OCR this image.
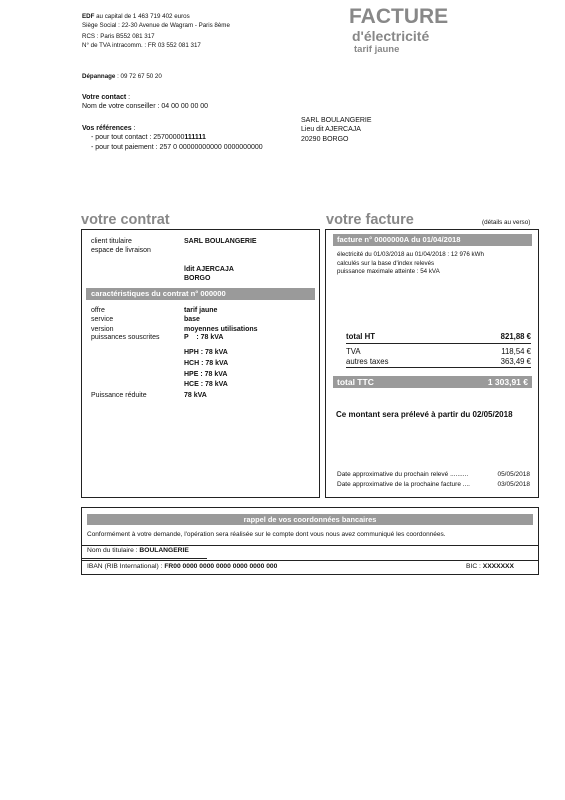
EDF au capital de 1 463 719 402 euros
Siège Social : 22-30 Avenue de Wagram - Paris 8ème
RCS : Paris B552 081 317
N° de TVA intracomm. : FR 03 552 081 317
FACTURE
d'électricité
tarif jaune
Dépannage : 09 72 67 50 20
Votre contact :
Nom de votre conseiller : 04 00 00 00 00
Vos références :
- pour tout contact : 25700000111111
- pour tout paiement : 257 0 00000000000 0000000000
SARL BOULANGERIE
Lieu dit AJERCAJA
20290 BORGO
votre contrat	votre facture	(détails au verso)
client titulaire	SARL BOULANGERIE
espace de livraison
ldit AJERCAJA
BORGO
caractéristiques du contrat n° 000000
offre	tarif jaune
service	base
version	moyennes utilisations
puissances souscrites	P    : 78 kVA
HPH : 78 kVA
HCH : 78 kVA
HPE : 78 kVA
HCE : 78 kVA
Puissance réduite	78 kVA
facture n° 0000000A du 01/04/2018
électricité du 01/03/2018 au 01/04/2018 : 12 976 kWh
calculés sur la base d'index relevés
puissance maximale atteinte : 54 kVA
total HT	821,88 €
TVA	118,54 €
autres taxes	363,49 €
total TTC	1 303,91 €
Ce montant sera prélevé à partir du 02/05/2018
Date approximative du prochain relevé ..........	05/05/2018
Date approximative de la prochaine facture ....	03/05/2018
rappel de vos coordonnées bancaires
Conformément à votre demande, l'opération sera réalisée sur le compte dont vous nous avez communiqué les coordonnées.
Nom du titulaire : BOULANGERIE
IBAN (RIB International) : FR00 0000 0000 0000 0000 0000 000	BIC : XXXXXXX
